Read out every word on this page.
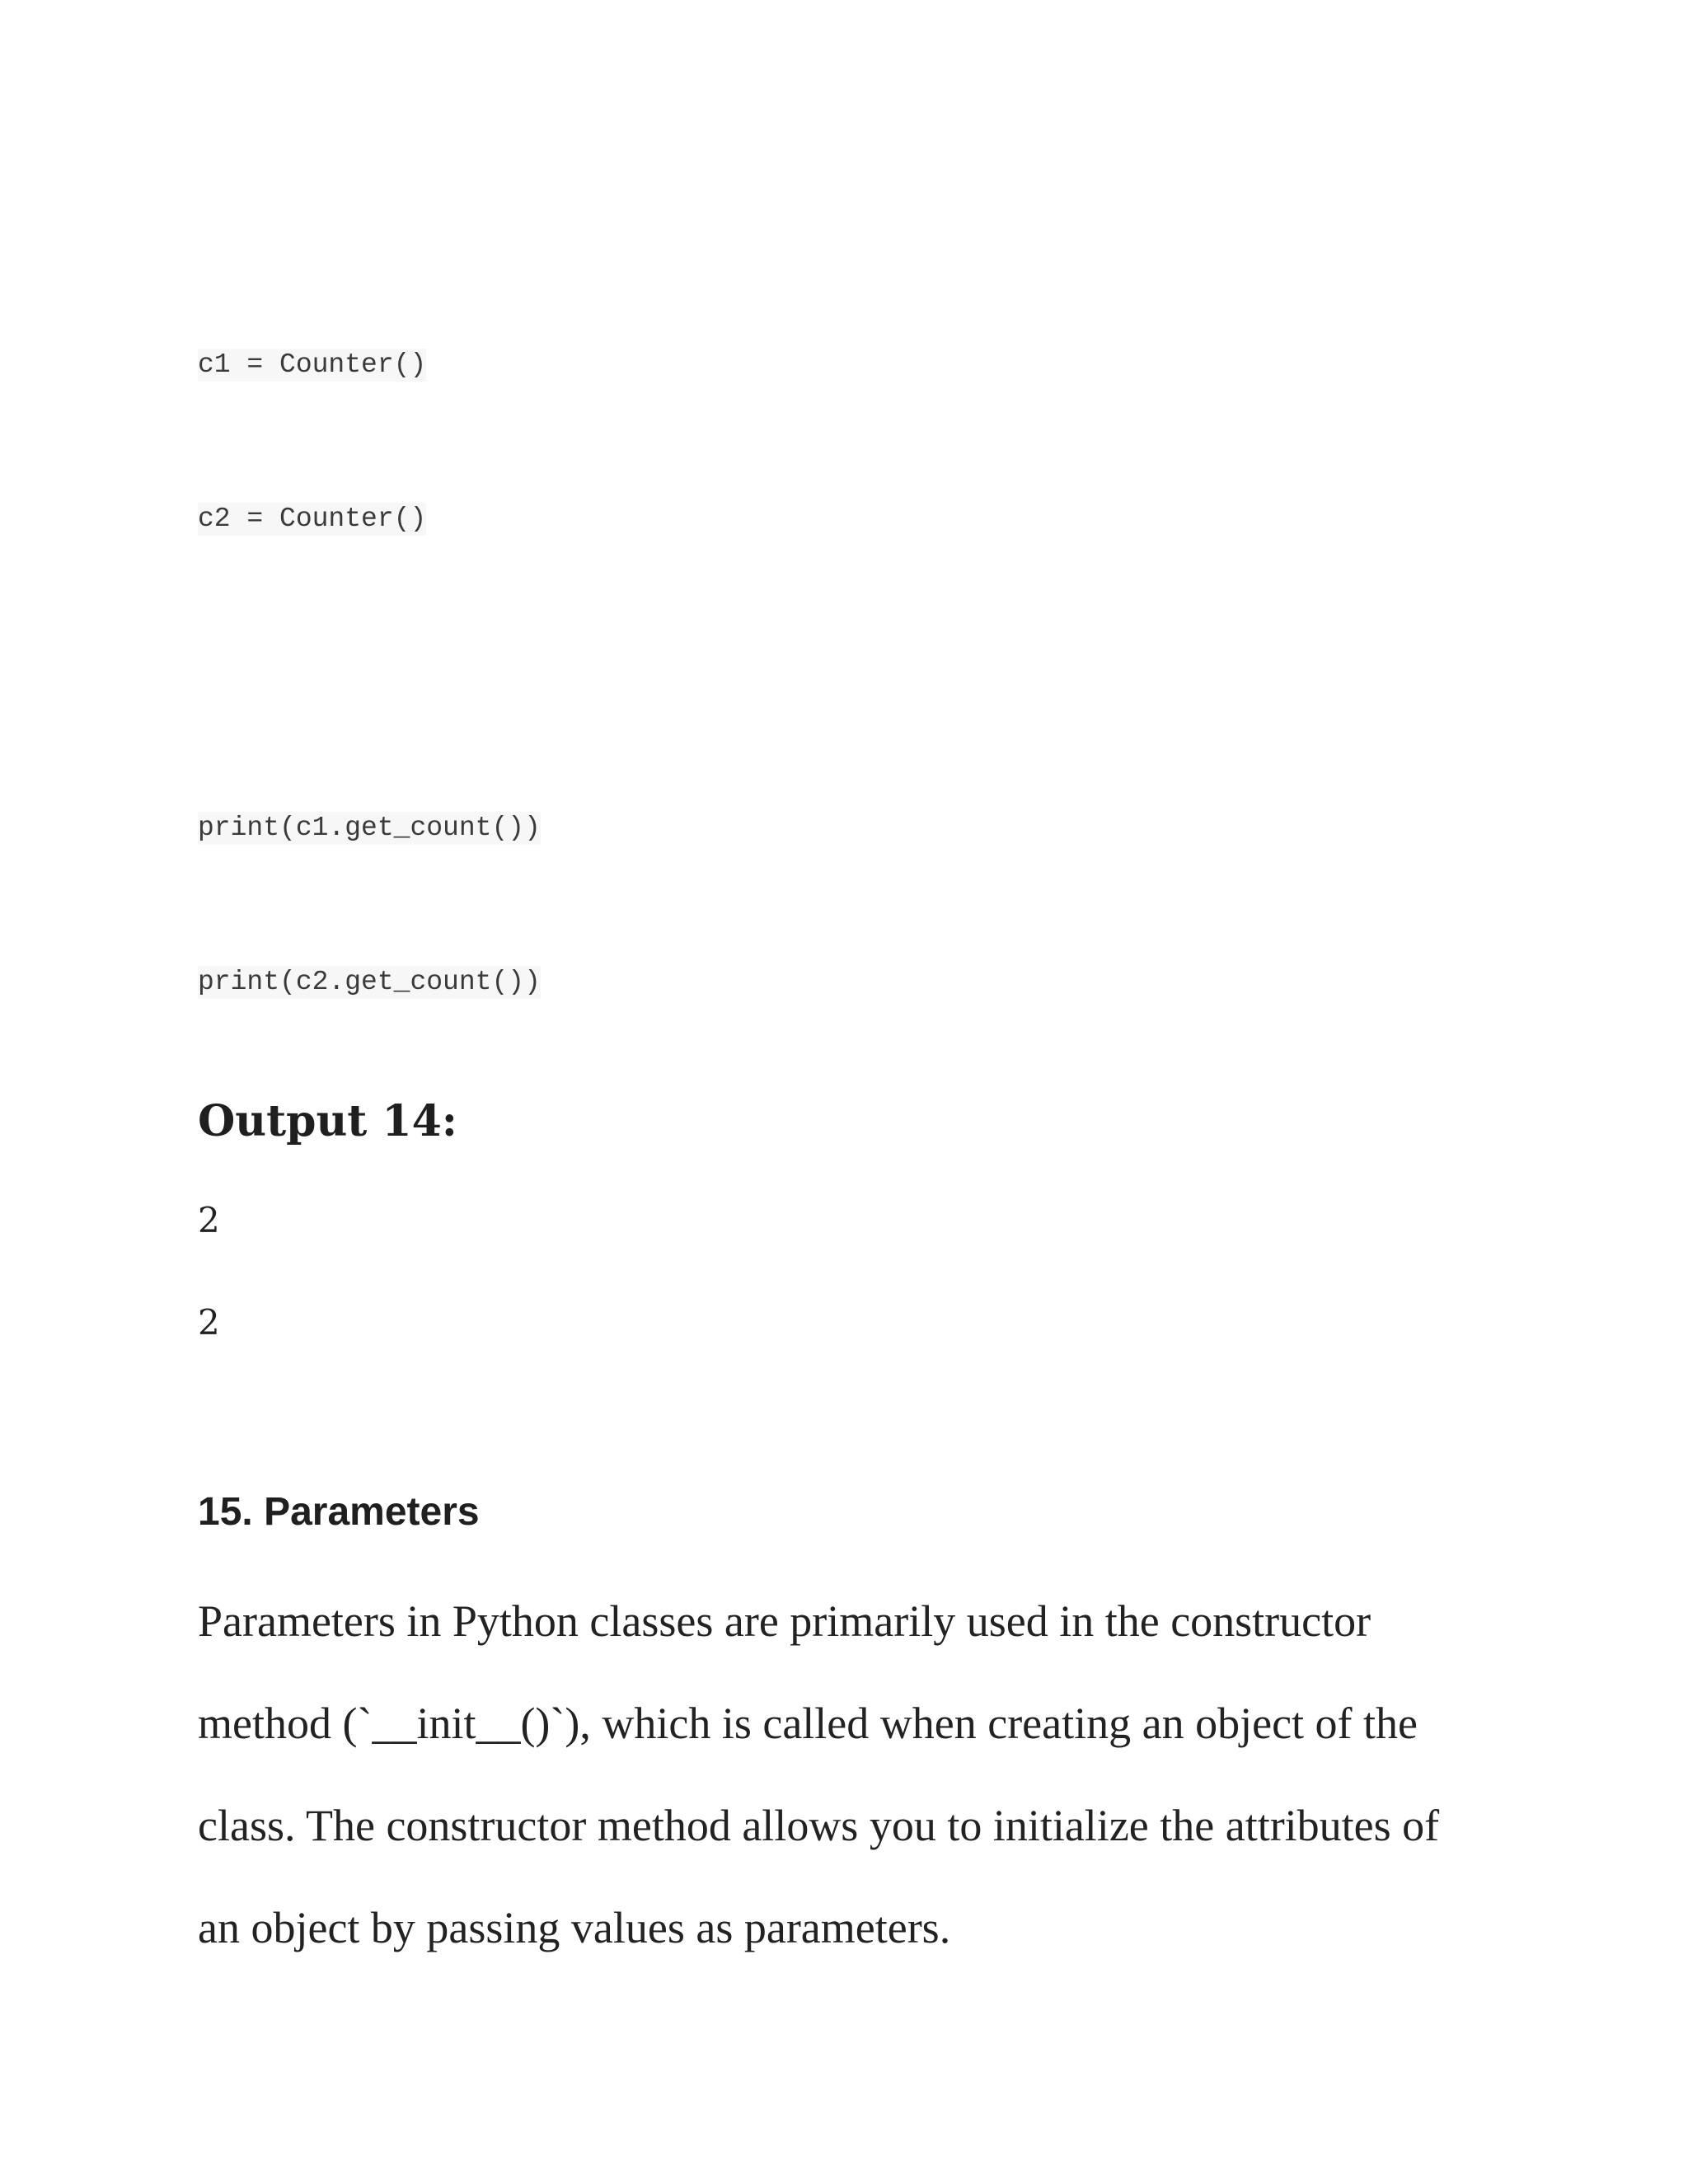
c1 = Counter()
c2 = Counter()
print(c1.get_count())
print(c2.get_count())
Output 14:
2
2
15. Parameters
Parameters in Python classes are primarily used in the constructor
method (`__init__()`), which is called when creating an object of the
class. The constructor method allows you to initialize the attributes of
an object by passing values as parameters.
